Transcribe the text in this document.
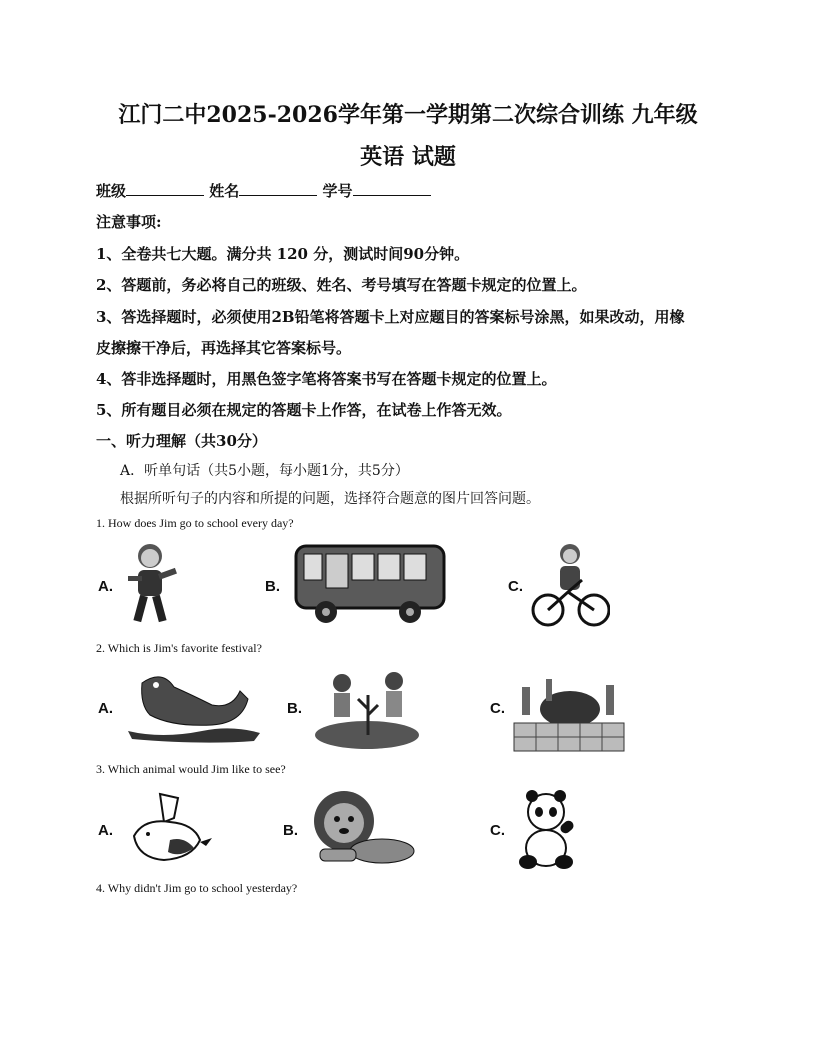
江门二中2025-2026学年第一学期第二次综合训练 九年级
英语 试题
班级	姓名	学号
注意事项:
1、全卷共七大题。满分共 120 分，测试时间90分钟。
2、答题前，务必将自己的班级、姓名、考号填写在答题卡规定的位置上。
3、答选择题时，必须使用2B铅笔将答题卡上对应题目的答案标号涂黑，如果改动，用橡
皮擦擦干净后，再选择其它答案标号。
4、答非选择题时，用黑色签字笔将答案书写在答题卡规定的位置上。
5、所有题目必须在规定的答题卡上作答，在试卷上作答无效。
一、听力理解（共30分）
A．听单句话（共5小题，每小题1分，共5分）
根据所听句子的内容和所提的问题，选择符合题意的图片回答问题。
1. How does Jim go to school every day?
A.	B.	C.
2. Which is Jim's favorite festival?
A.	B.	C.
3. Which animal would Jim like to see?
A.	B.	C.
4. Why didn't Jim go to school yesterday?
